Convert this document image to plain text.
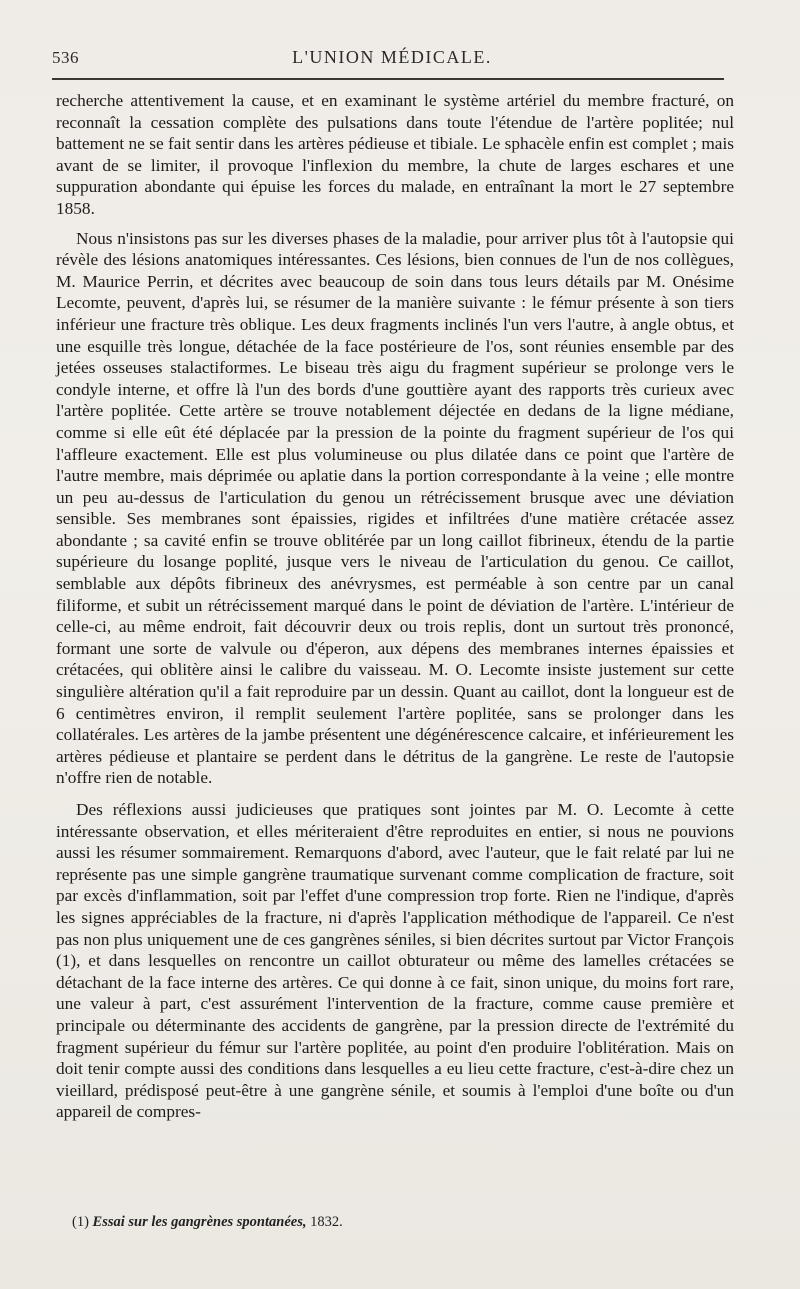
536	L'UNION MÉDICALE.

recherche attentivement la cause, et en examinant le système artériel du membre fracturé, on reconnaît la cessation complète des pulsations dans toute l'étendue de l'artère poplitée; nul battement ne se fait sentir dans les artères pédieuse et tibiale. Le sphacèle enfin est complet ; mais avant de se limiter, il provoque l'inflexion du membre, la chute de larges eschares et une suppuration abondante qui épuise les forces du malade, en entraînant la mort le 27 septembre 1858.

Nous n'insistons pas sur les diverses phases de la maladie, pour arriver plus tôt à l'autopsie qui révèle des lésions anatomiques intéressantes. Ces lésions, bien connues de l'un de nos collègues, M. Maurice Perrin, et décrites avec beaucoup de soin dans tous leurs détails par M. Onésime Lecomte, peuvent, d'après lui, se résumer de la manière suivante : le fémur présente à son tiers inférieur une fracture très oblique. Les deux fragments inclinés l'un vers l'autre, à angle obtus, et une esquille très longue, détachée de la face postérieure de l'os, sont réunies ensemble par des jetées osseuses stalactiformes. Le biseau très aigu du fragment supérieur se prolonge vers le condyle interne, et offre là l'un des bords d'une gouttière ayant des rapports très curieux avec l'artère poplitée. Cette artère se trouve notablement déjectée en dedans de la ligne médiane, comme si elle eût été déplacée par la pression de la pointe du fragment supérieur de l'os qui l'affleure exactement. Elle est plus volumineuse ou plus dilatée dans ce point que l'artère de l'autre membre, mais déprimée ou aplatie dans la portion correspondante à la veine ; elle montre un peu au-dessus de l'articulation du genou un rétrécissement brusque avec une déviation sensible. Ses membranes sont épaissies, rigides et infiltrées d'une matière crétacée assez abondante ; sa cavité enfin se trouve oblitérée par un long caillot fibrineux, étendu de la partie supérieure du losange poplité, jusque vers le niveau de l'articulation du genou. Ce caillot, semblable aux dépôts fibrineux des anévrysmes, est perméable à son centre par un canal filiforme, et subit un rétrécissement marqué dans le point de déviation de l'artère. L'intérieur de celle-ci, au même endroit, fait découvrir deux ou trois replis, dont un surtout très prononcé, formant une sorte de valvule ou d'éperon, aux dépens des membranes internes épaissies et crétacées, qui oblitère ainsi le calibre du vaisseau. M. O. Lecomte insiste justement sur cette singulière altération qu'il a fait reproduire par un dessin. Quant au caillot, dont la longueur est de 6 centimètres environ, il remplit seulement l'artère poplitée, sans se prolonger dans les collatérales. Les artères de la jambe présentent une dégénérescence calcaire, et inférieurement les artères pédieuse et plantaire se perdent dans le détritus de la gangrène. Le reste de l'autopsie n'offre rien de notable.

Des réflexions aussi judicieuses que pratiques sont jointes par M. O. Lecomte à cette intéressante observation, et elles mériteraient d'être reproduites en entier, si nous ne pouvions aussi les résumer sommairement. Remarquons d'abord, avec l'auteur, que le fait relaté par lui ne représente pas une simple gangrène traumatique survenant comme complication de fracture, soit par excès d'inflammation, soit par l'effet d'une compression trop forte. Rien ne l'indique, d'après les signes appréciables de la fracture, ni d'après l'application méthodique de l'appareil. Ce n'est pas non plus uniquement une de ces gangrènes séniles, si bien décrites surtout par Victor François (1), et dans lesquelles on rencontre un caillot obturateur ou même des lamelles crétacées se détachant de la face interne des artères. Ce qui donne à ce fait, sinon unique, du moins fort rare, une valeur à part, c'est assurément l'intervention de la fracture, comme cause première et principale ou déterminante des accidents de gangrène, par la pression directe de l'extrémité du fragment supérieur du fémur sur l'artère poplitée, au point d'en produire l'oblitération. Mais on doit tenir compte aussi des conditions dans lesquelles a eu lieu cette fracture, c'est-à-dire chez un vieillard, prédisposé peut-être à une gangrène sénile, et soumis à l'emploi d'une boîte ou d'un appareil de compres-

(1) Essai sur les gangrènes spontanées, 1832.
